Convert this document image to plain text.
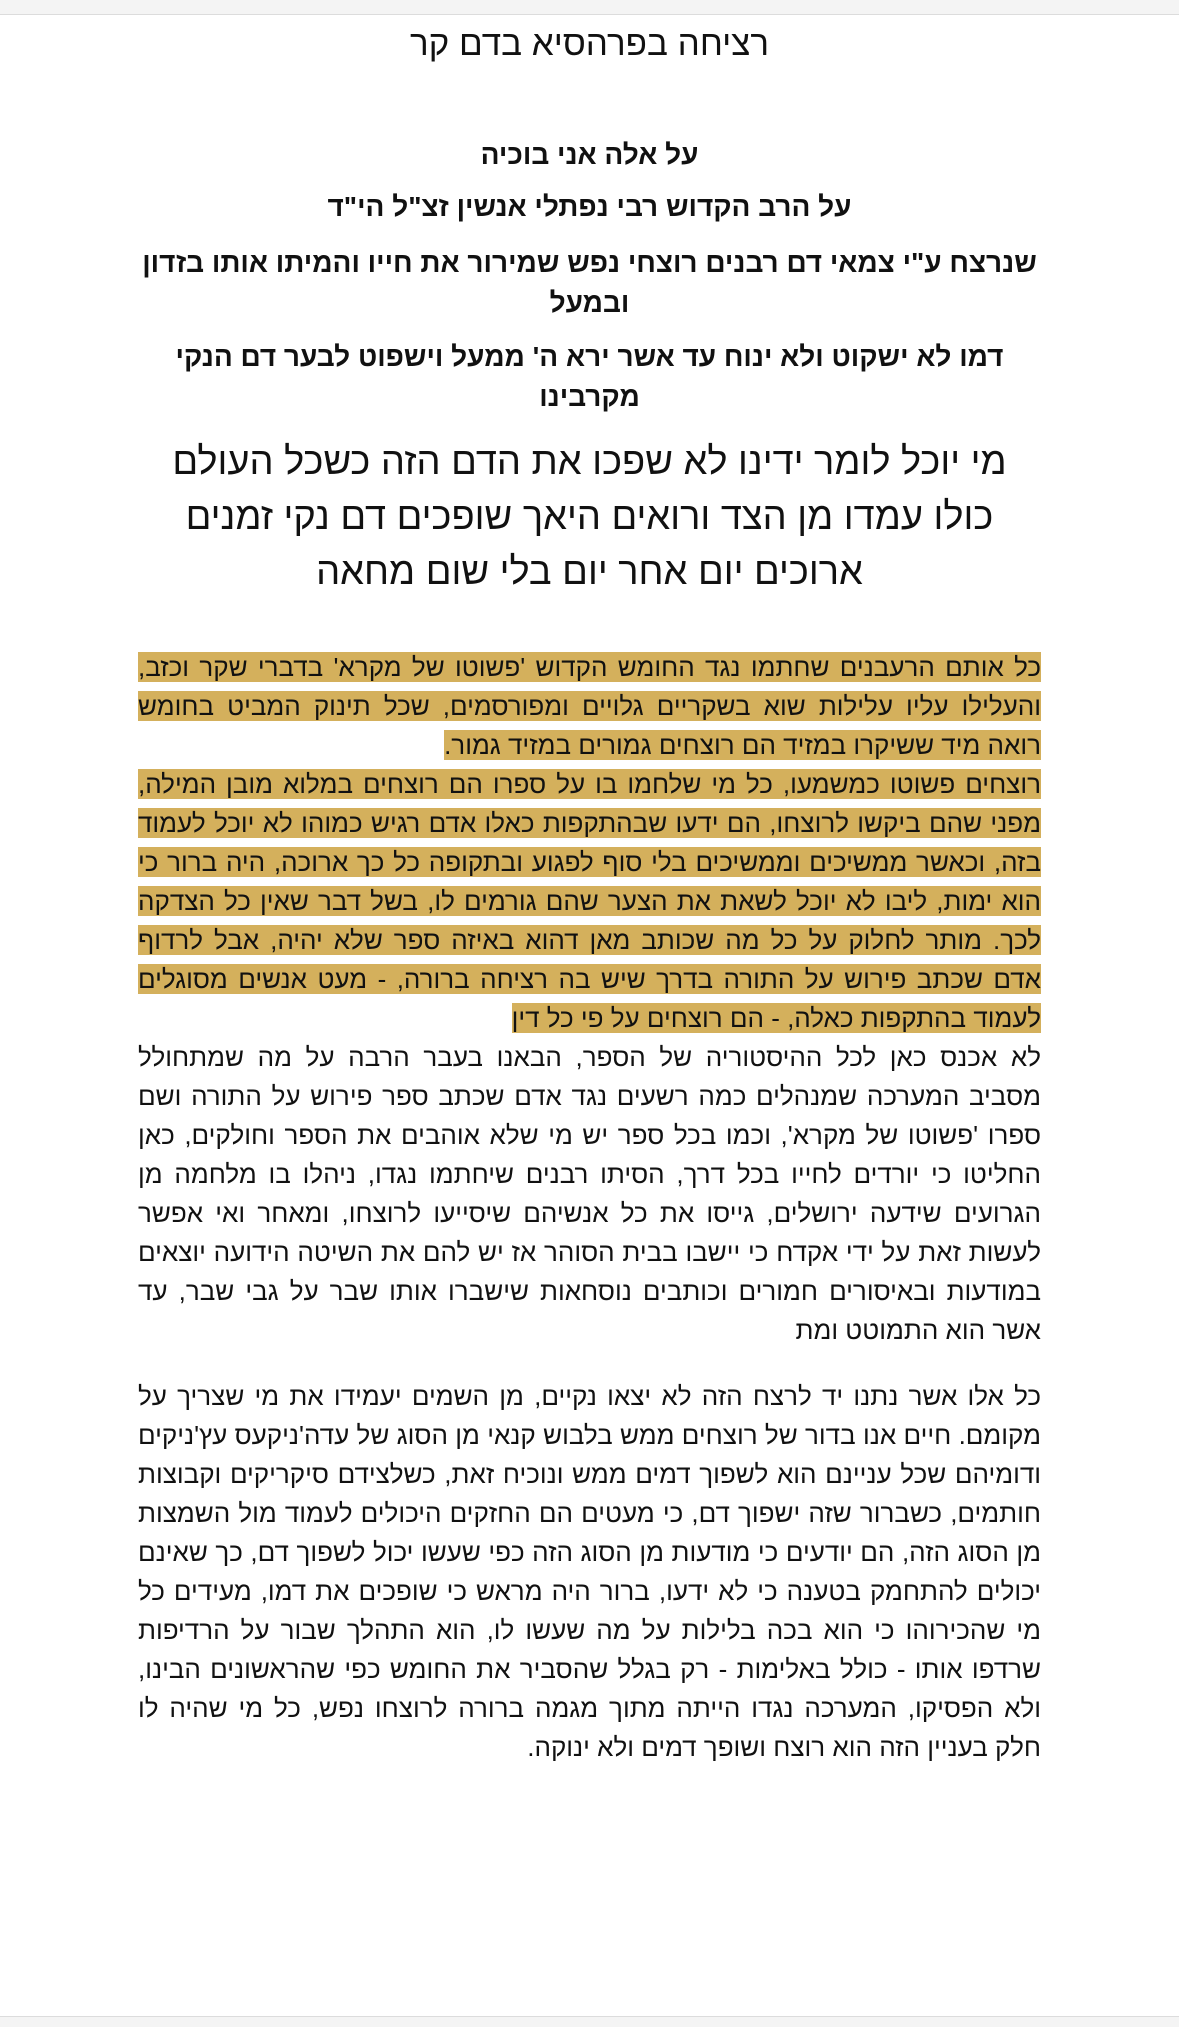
רציחה בפרהסיא בדם קר

על אלה אני בוכיה

על הרב הקדוש רבי נפתלי אנשין זצ"ל הי"ד

שנרצח ע"י צמאי דם רבנים רוצחי נפש שמירור את חייו והמיתו אותו בזדון ובמעל

דמו לא ישקוט ולא ינוח עד אשר ירא ה' ממעל וישפוט לבער דם הנקי מקרבינו

מי יוכל לומר ידינו לא שפכו את הדם הזה כשכל העולם כולו עמדו מן הצד ורואים היאך שופכים דם נקי זמנים ארוכים יום אחר יום בלי שום מחאה

כל אותם הרעבנים שחתמו נגד החומש הקדוש 'פשוטו של מקרא' בדברי שקר וכזב, והעלילו עליו עלילות שוא בשקריים גלויים ומפורסמים, שכל תינוק המביט בחומש רואה מיד ששיקרו במזיד הם רוצחים גמורים במזיד גמור.

רוצחים פשוטו כמשמעו, כל מי שלחמו בו על ספרו הם רוצחים במלוא מובן המילה, מפני שהם ביקשו לרוצחו, הם ידעו שבהתקפות כאלו אדם רגיש כמוהו לא יוכל לעמוד בזה, וכאשר ממשיכים וממשיכים בלי סוף לפגוע ובתקופה כל כך ארוכה, היה ברור כי הוא ימות, ליבו לא יוכל לשאת את הצער שהם גורמים לו, בשל דבר שאין כל הצדקה לכך. מותר לחלוק על כל מה שכותב מאן דהוא באיזה ספר שלא יהיה, אבל לרדוף אדם שכתב פירוש על התורה בדרך שיש בה רציחה ברורה, - מעט אנשים מסוגלים לעמוד בהתקפות כאלה, - הם רוצחים על פי כל דין

לא אכנס כאן לכל ההיסטוריה של הספר, הבאנו בעבר הרבה על מה שמתחולל מסביב המערכה שמנהלים כמה רשעים נגד אדם שכתב ספר פירוש על התורה ושם ספרו 'פשוטו של מקרא', וכמו בכל ספר יש מי שלא אוהבים את הספר וחולקים, כאן החליטו כי יורדים לחייו בכל דרך, הסיתו רבנים שיחתמו נגדו, ניהלו בו מלחמה מן הגרועים שידעה ירושלים, גייסו את כל אנשיהם שיסייעו לרוצחו, ומאחר ואי אפשר לעשות זאת על ידי אקדח כי יישבו בבית הסוהר אז יש להם את השיטה הידועה יוצאים במודעות ובאיסורים חמורים וכותבים נוסחאות שישברו אותו שבר על גבי שבר, עד אשר הוא התמוטט ומת

כל אלו אשר נתנו יד לרצח הזה לא יצאו נקיים, מן השמים יעמידו את מי שצריך על מקומם. חיים אנו בדור של רוצחים ממש בלבוש קנאי מן הסוג של עדה'ניקעס עץ'ניקים ודומיהם שכל עניינם הוא לשפוך דמים ממש ונוכיח זאת, כשלצידם סיקריקים וקבוצות חותמים, כשברור שזה ישפוך דם, כי מעטים הם החזקים היכולים לעמוד מול השמצות מן הסוג הזה, הם יודעים כי מודעות מן הסוג הזה כפי שעשו יכול לשפוך דם, כך שאינם יכולים להתחמק בטענה כי לא ידעו, ברור היה מראש כי שופכים את דמו, מעידים כל מי שהכירוהו כי הוא בכה בלילות על מה שעשו לו, הוא התהלך שבור על הרדיפות שרדפו אותו - כולל באלימות - רק בגלל שהסביר את החומש כפי שהראשונים הבינו, ולא הפסיקו, המערכה נגדו הייתה מתוך מגמה ברורה לרוצחו נפש, כל מי שהיה לו חלק בעניין הזה הוא רוצח ושופך דמים ולא ינוקה.
